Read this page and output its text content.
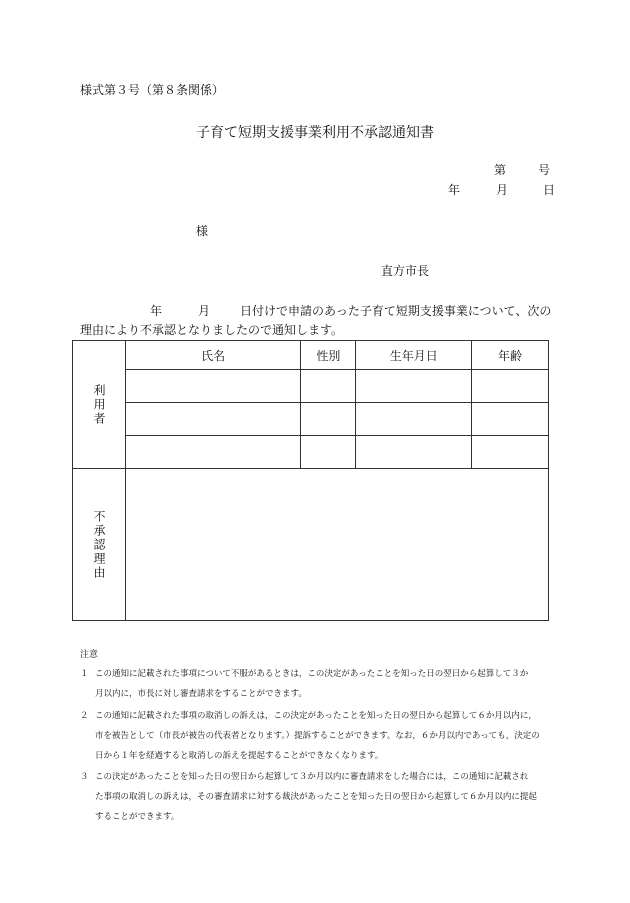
様式第３号（第８条関係）
子育て短期支援事業利用不承認通知書
第	号
年	月	日
様
直方市長
年	月	日付けで申請のあった子育て短期支援事業について、次の
理由により不承認となりましたので通知します。
利用者	氏名	性別	生年月日	年齢

不承認理由				

注意
１ この通知に記載された事項について不服があるときは，この決定があったことを知った日の翌日から起算して３か
月以内に，市長に対し審査請求をすることができます。
２ この通知に記載された事項の取消しの訴えは，この決定があったことを知った日の翌日から起算して６か月以内に，
市を被告として（市長が被告の代表者となります。）提訴することができます。なお，６か月以内であっても，決定の
日から１年を経過すると取消しの訴えを提起することができなくなります。
３ この決定があったことを知った日の翌日から起算して３か月以内に審査請求をした場合には，この通知に記載され
た事項の取消しの訴えは，その審査請求に対する裁決があったことを知った日の翌日から起算して６か月以内に提起
することができます。
